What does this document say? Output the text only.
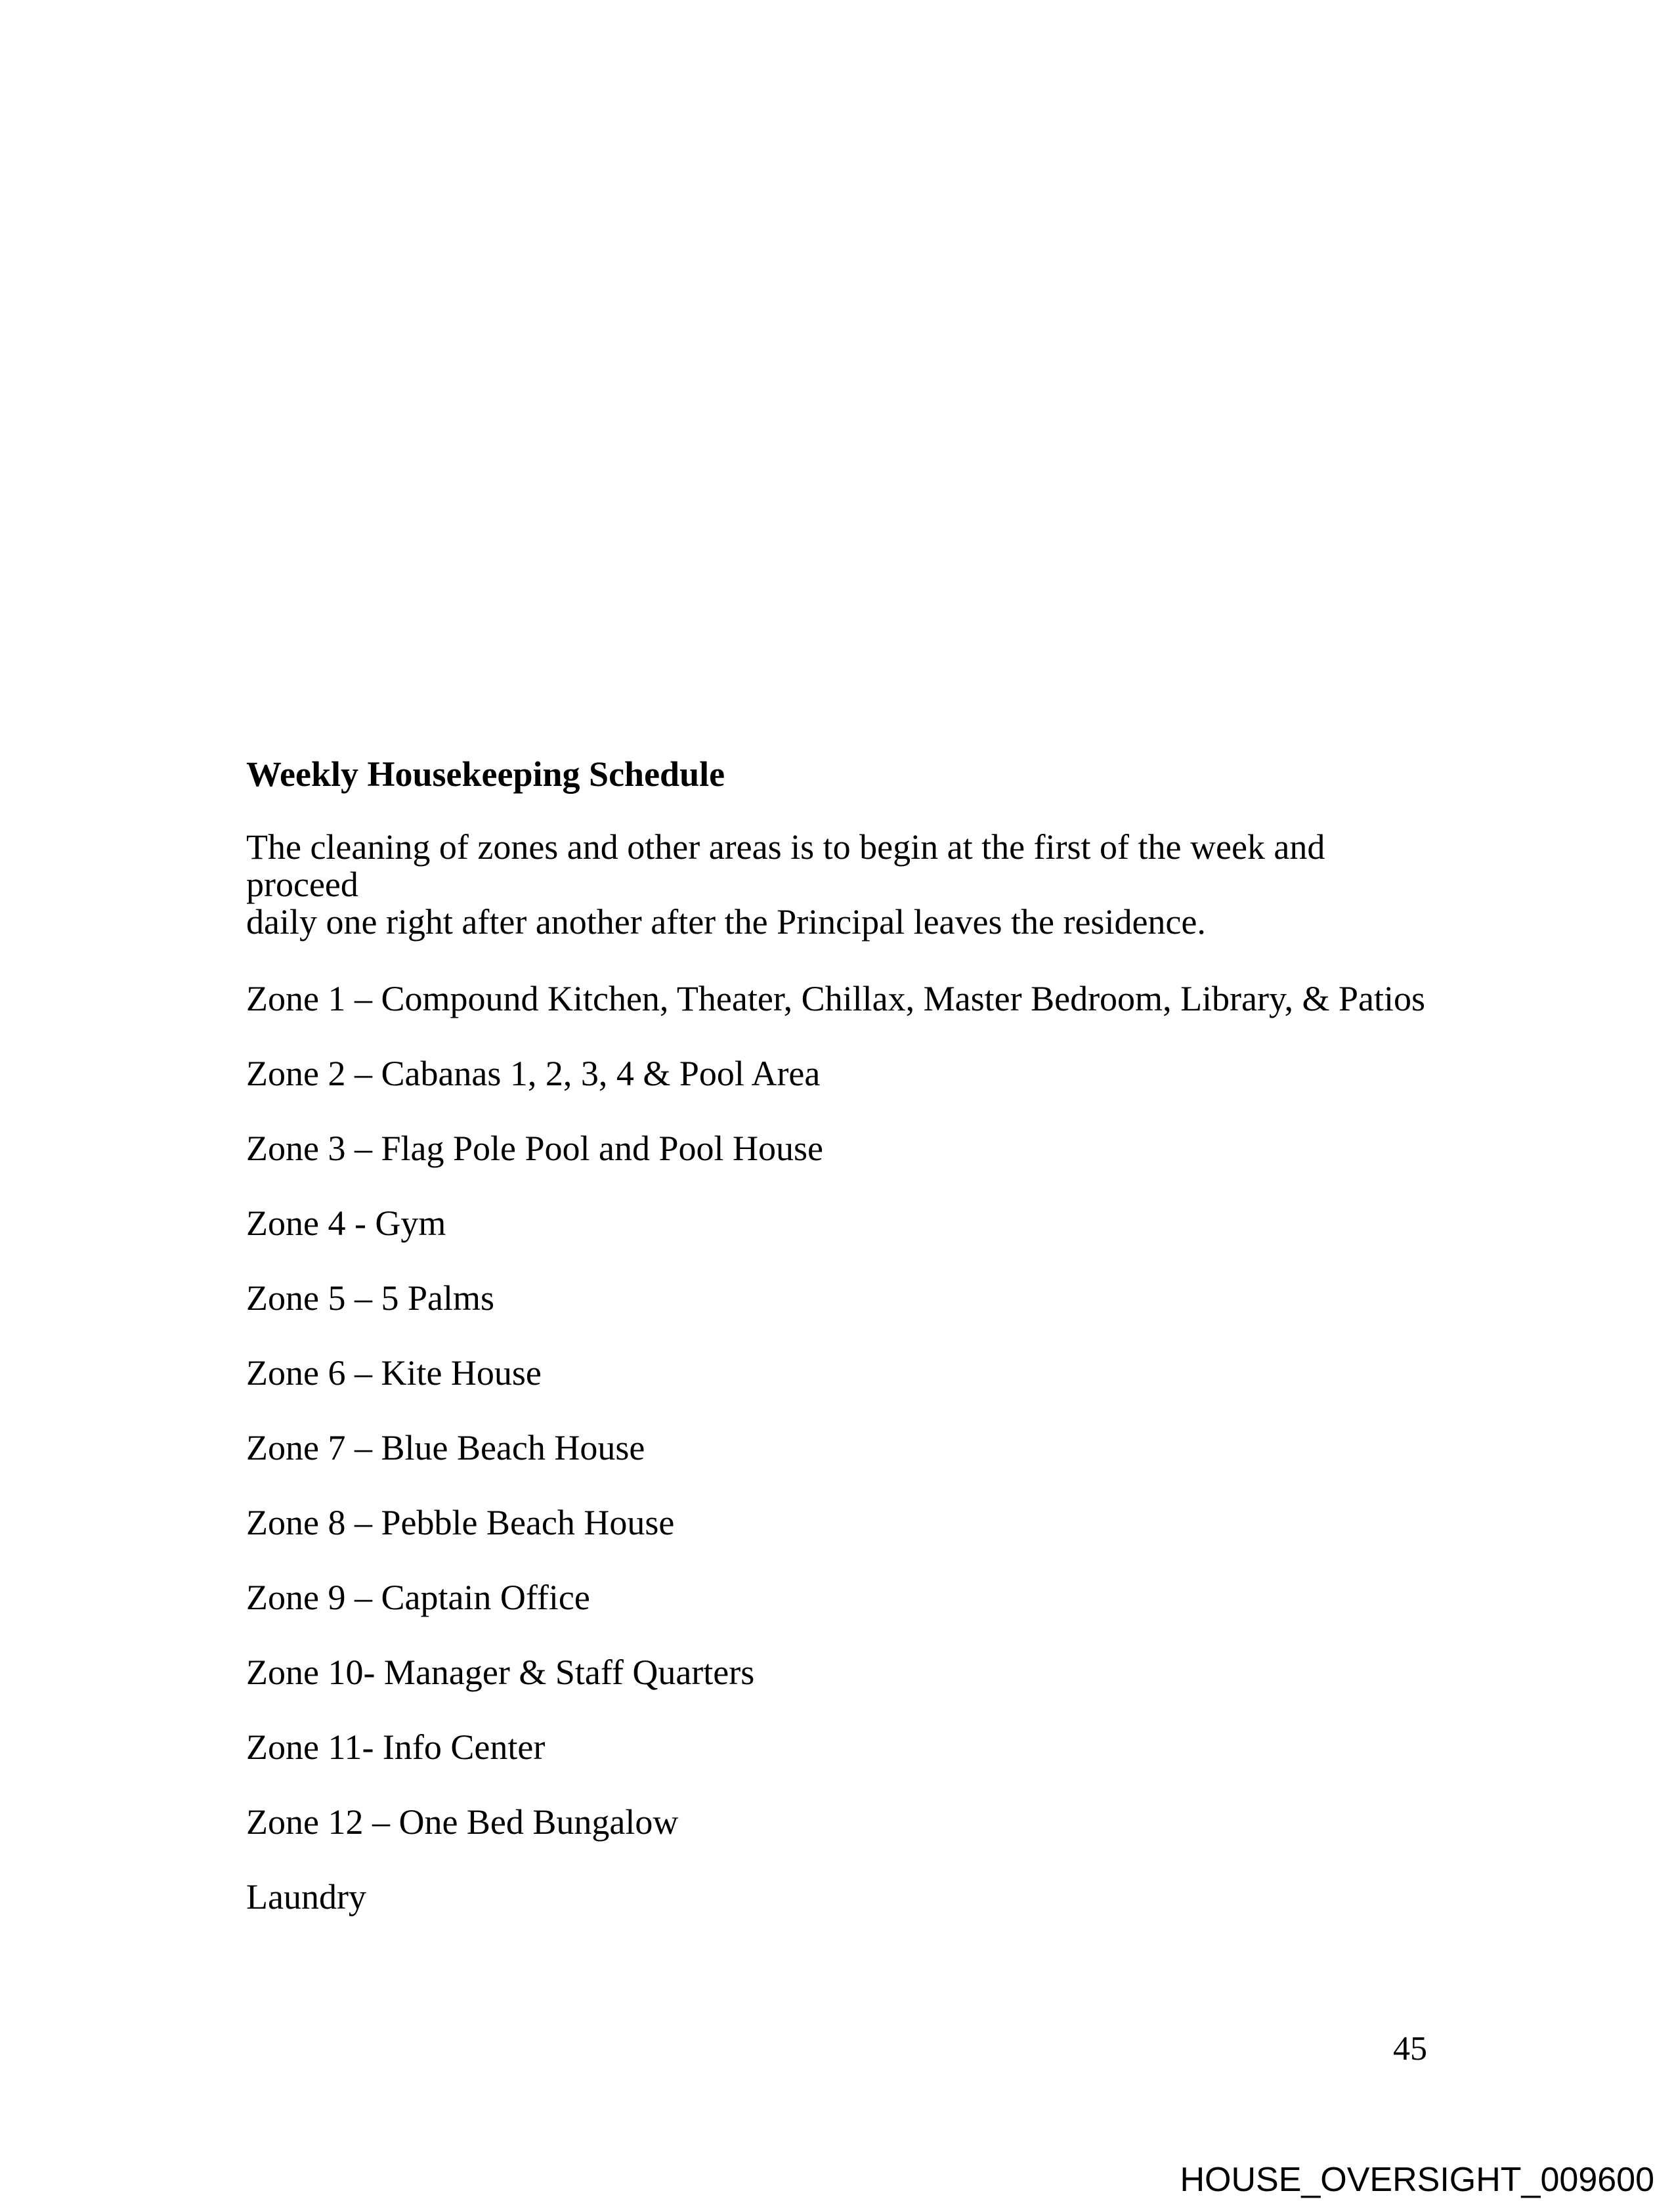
Weekly Housekeeping Schedule

The cleaning of zones and other areas is to begin at the first of the week and proceed
daily one right after another after the Principal leaves the residence.

Zone 1 – Compound Kitchen, Theater, Chillax, Master Bedroom, Library, & Patios

Zone 2 – Cabanas 1, 2, 3, 4 & Pool Area

Zone 3 – Flag Pole Pool and Pool House

Zone 4 - Gym

Zone 5 – 5 Palms

Zone 6 – Kite House

Zone 7 – Blue Beach House

Zone 8 – Pebble Beach House

Zone 9 – Captain Office

Zone 10- Manager & Staff Quarters

Zone 11- Info Center

Zone 12 – One Bed Bungalow

Laundry

45
HOUSE_OVERSIGHT_009600
